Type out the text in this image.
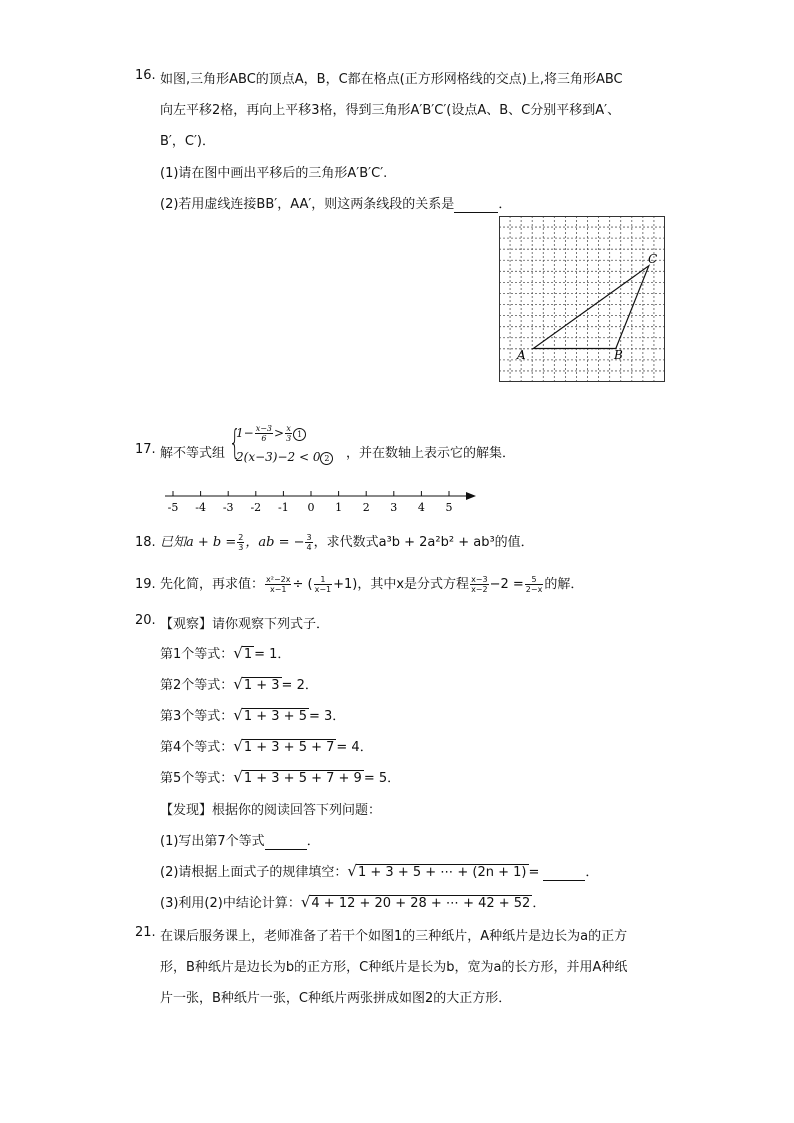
16. 如图,三角形ABC的顶点A，B，C都在格点(正方形网格线的交点)上,将三角形ABC
向左平移2格，再向上平移3格，得到三角形A′B′C′(设点A、B、C分别平移到A′、
B′，C′)．
(1)请在图中画出平移后的三角形A′B′C′.
(2)若用虚线连接BB′，AA′，则这两条线段的关系是	．
A	B
C
17. 解不等式组 {
$1- \frac{x-3}{6} > \frac{x}{3} 1$
2(x−3)−2 < 0 2	，并在数轴上表示它的解集．
-5 -4 -3 -2 -1 0 1 2 3 4 5
18. 已知$a + b = \frac{2}{3}$ ，ab = − $\frac{3}{4}$ ，求代数式a³b + 2a²b² + ab³的值．
19. 先化简，再求值： $\frac{\text{x²−2x}}{x-1}$ ÷ ( $\frac{1}{x-1} +1$)，其中x是分式方程 $\frac{x-3}{x-2} -2 = \frac{5}{2-x}$ 的解．
20. 【观察】请你观察下列式子．
第1个等式：√1 = 1．
第2个等式：√1 + 3 = 2．
第3个等式：√1 + 3 + 5 = 3．
第4个等式：√1 + 3 + 5 + 7 = 4．
第5个等式：√1 + 3 + 5 + 7 + 9 = 5．
【发现】根据你的阅读回答下列问题：
(1)写出第7个等式	．
(2)请根据上面式子的规律填空：√1 + 3 + 5 + ⋯ + (2n + 1) =	．
(3)利用(2)中结论计算：√4 + 12 + 20 + 28 + ⋯ + 42 + 52 ．
21. 在课后服务课上，老师准备了若干个如图1的三种纸片，A种纸片是边长为a的正方
形，B种纸片是边长为b的正方形，C种纸片是长为b，宽为a的长方形，并用A种纸
片一张，B种纸片一张，C种纸片两张拼成如图2的大正方形．
